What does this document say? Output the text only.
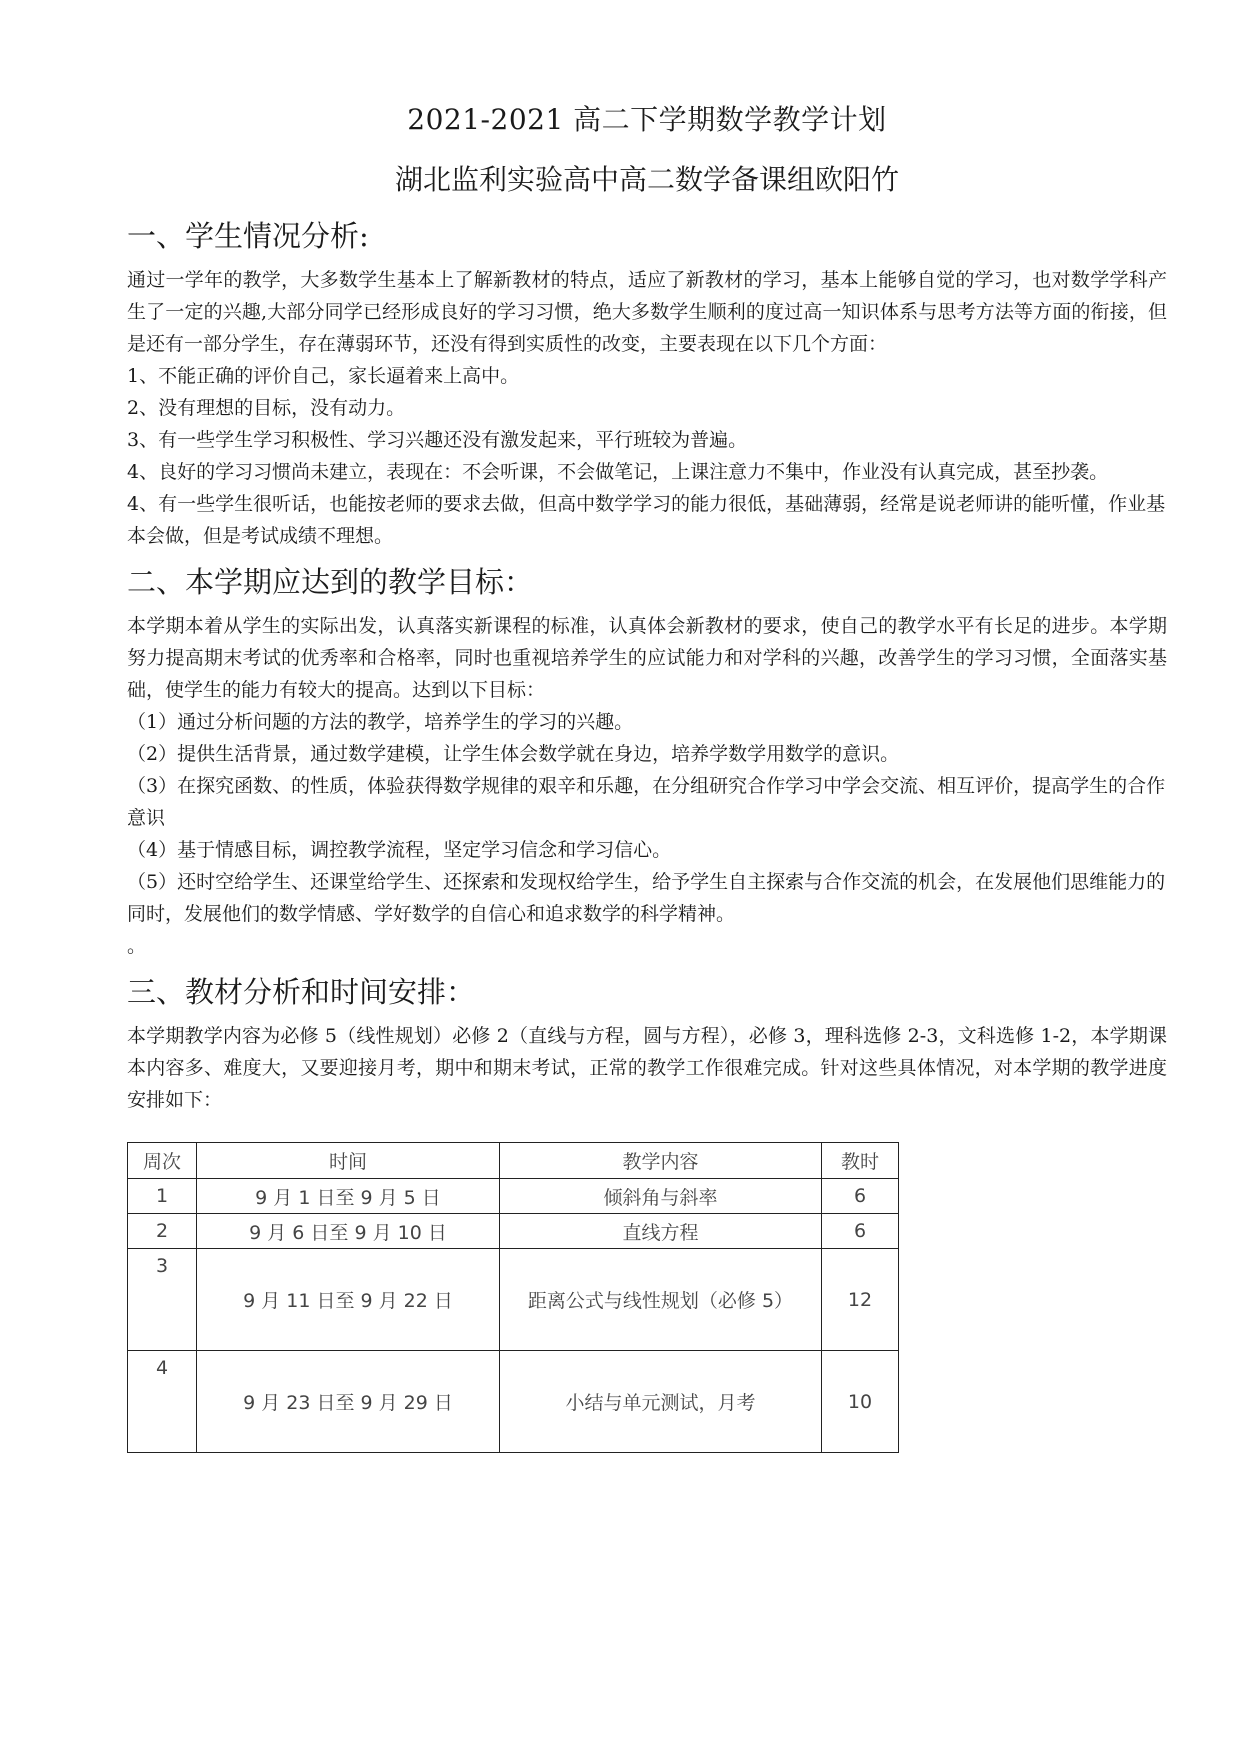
2021-2021 高二下学期数学教学计划

湖北监利实验高中高二数学备课组欧阳竹

一、学生情况分析:

通过一学年的教学，大多数学生基本上了解新教材的特点，适应了新教材的学习，基本上能够自觉的学习，也对数学学科产生了一定的兴趣,大部分同学已经形成良好的学习习惯，绝大多数学生顺利的度过高一知识体系与思考方法等方面的衔接，但是还有一部分学生，存在薄弱环节，还没有得到实质性的改变，主要表现在以下几个方面：

1、不能正确的评价自己，家长逼着来上高中。

2、没有理想的目标，没有动力。

3、有一些学生学习积极性、学习兴趣还没有激发起来，平行班较为普遍。

4、良好的学习习惯尚未建立，表现在：不会听课，不会做笔记，上课注意力不集中，作业没有认真完成，甚至抄袭。

4、有一些学生很听话，也能按老师的要求去做，但高中数学学习的能力很低，基础薄弱，经常是说老师讲的能听懂，作业基本会做，但是考试成绩不理想。

二、本学期应达到的教学目标：

本学期本着从学生的实际出发，认真落实新课程的标准，认真体会新教材的要求，使自己的教学水平有长足的进步。本学期努力提高期末考试的优秀率和合格率，同时也重视培养学生的应试能力和对学科的兴趣，改善学生的学习习惯，全面落实基础，使学生的能力有较大的提高。达到以下目标：

（1）通过分析问题的方法的教学，培养学生的学习的兴趣。

（2）提供生活背景，通过数学建模，让学生体会数学就在身边，培养学数学用数学的意识。

（3）在探究函数、的性质，体验获得数学规律的艰辛和乐趣，在分组研究合作学习中学会交流、相互评价，提高学生的合作意识

（4）基于情感目标，调控教学流程，坚定学习信念和学习信心。

（5）还时空给学生、还课堂给学生、还探索和发现权给学生，给予学生自主探索与合作交流的机会，在发展他们思维能力的同时，发展他们的数学情感、学好数学的自信心和追求数学的科学精神。

。

三、教材分析和时间安排：

本学期教学内容为必修 5（线性规划）必修 2（直线与方程，圆与方程），必修 3，理科选修 2-3，文科选修 1-2，本学期课本内容多、难度大，又要迎接月考，期中和期末考试，正常的教学工作很难完成。针对这些具体情况，对本学期的教学进度安排如下：

周次	时间	教学内容	教时
1	9 月 1 日至 9 月 5 日	倾斜角与斜率	6
2	9 月 6 日至 9 月 10 日	直线方程	6
3	9 月 11 日至 9 月 22 日	距离公式与线性规划（必修 5）	12
4	9 月 23 日至 9 月 29 日	小结与单元测试，月考	10
